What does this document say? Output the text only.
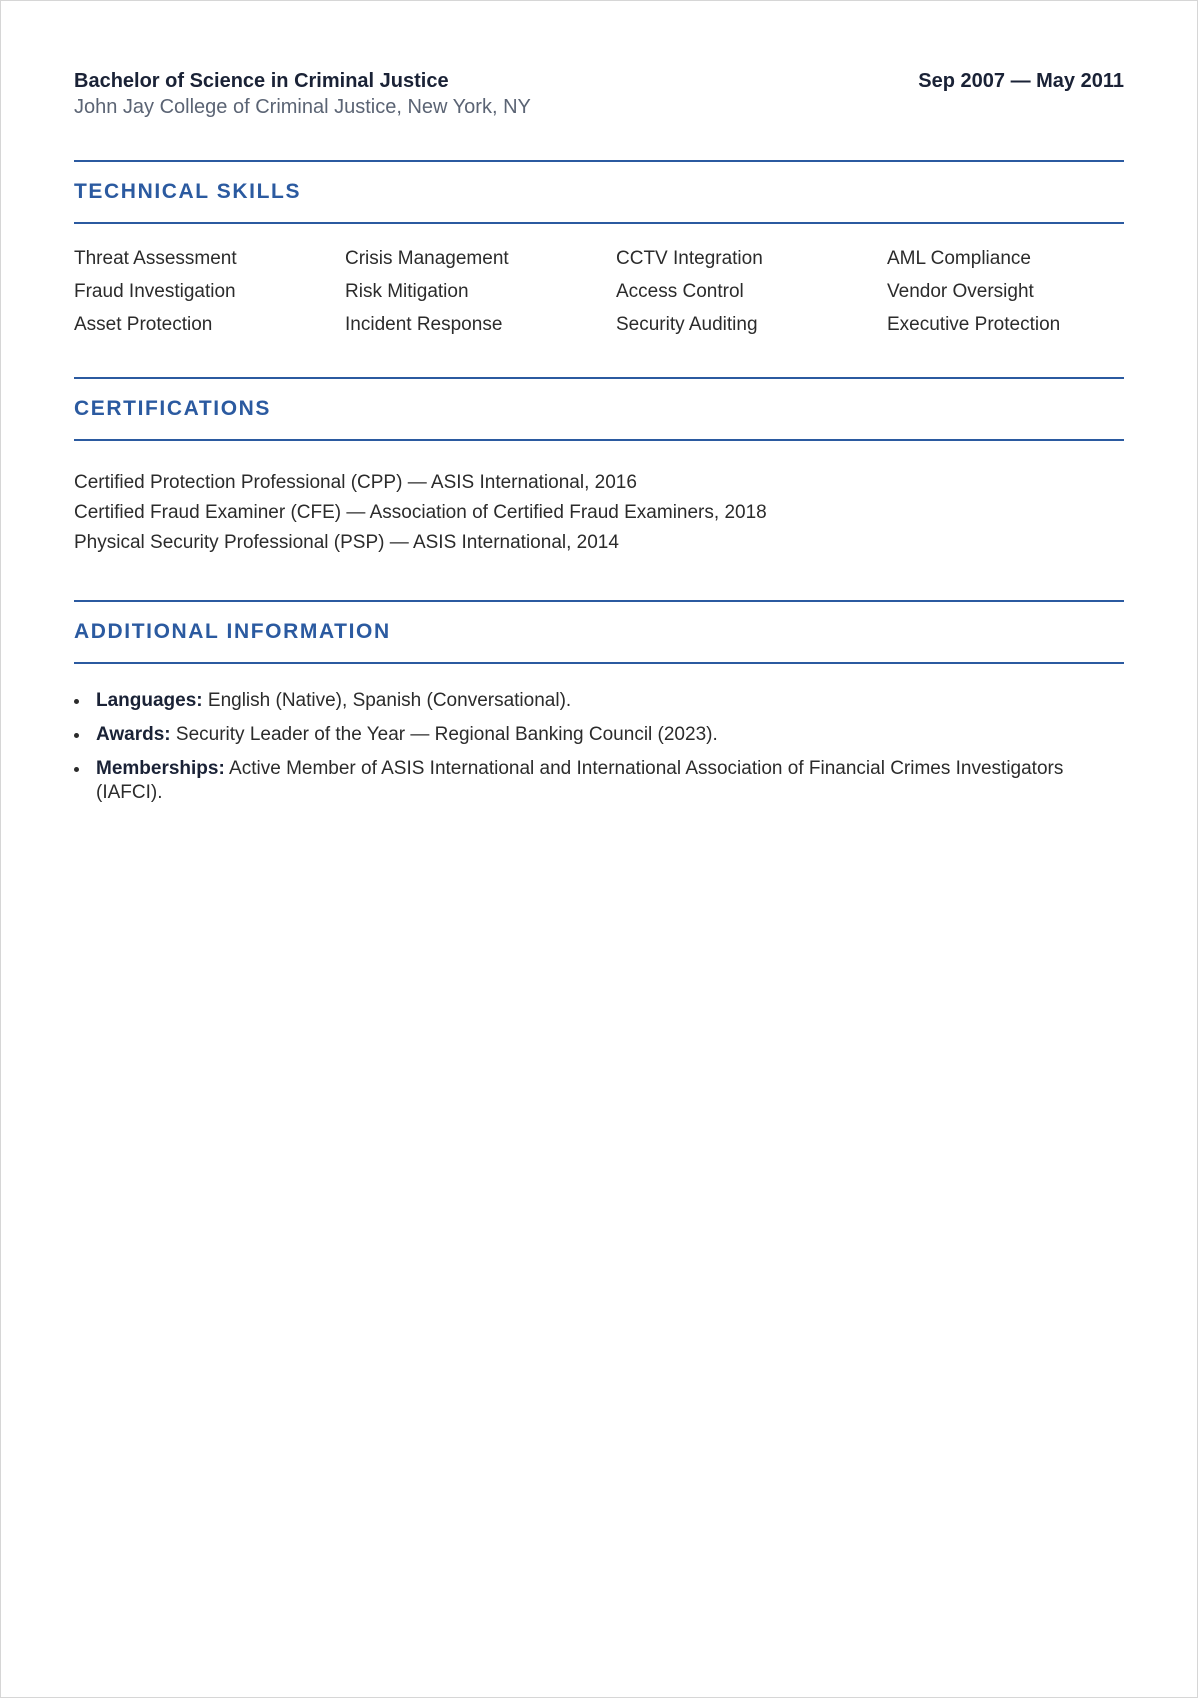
Bachelor of Science in Criminal Justice
John Jay College of Criminal Justice, New York, NY
Sep 2007 — May 2011
TECHNICAL SKILLS
Threat Assessment	Crisis Management	CCTV Integration	AML Compliance
Fraud Investigation	Risk Mitigation	Access Control	Vendor Oversight
Asset Protection	Incident Response	Security Auditing	Executive Protection
CERTIFICATIONS
Certified Protection Professional (CPP) — ASIS International, 2016
Certified Fraud Examiner (CFE) — Association of Certified Fraud Examiners, 2018
Physical Security Professional (PSP) — ASIS International, 2014
ADDITIONAL INFORMATION
Languages: English (Native), Spanish (Conversational).
Awards: Security Leader of the Year — Regional Banking Council (2023).
Memberships: Active Member of ASIS International and International Association of Financial Crimes Investigators (IAFCI).
